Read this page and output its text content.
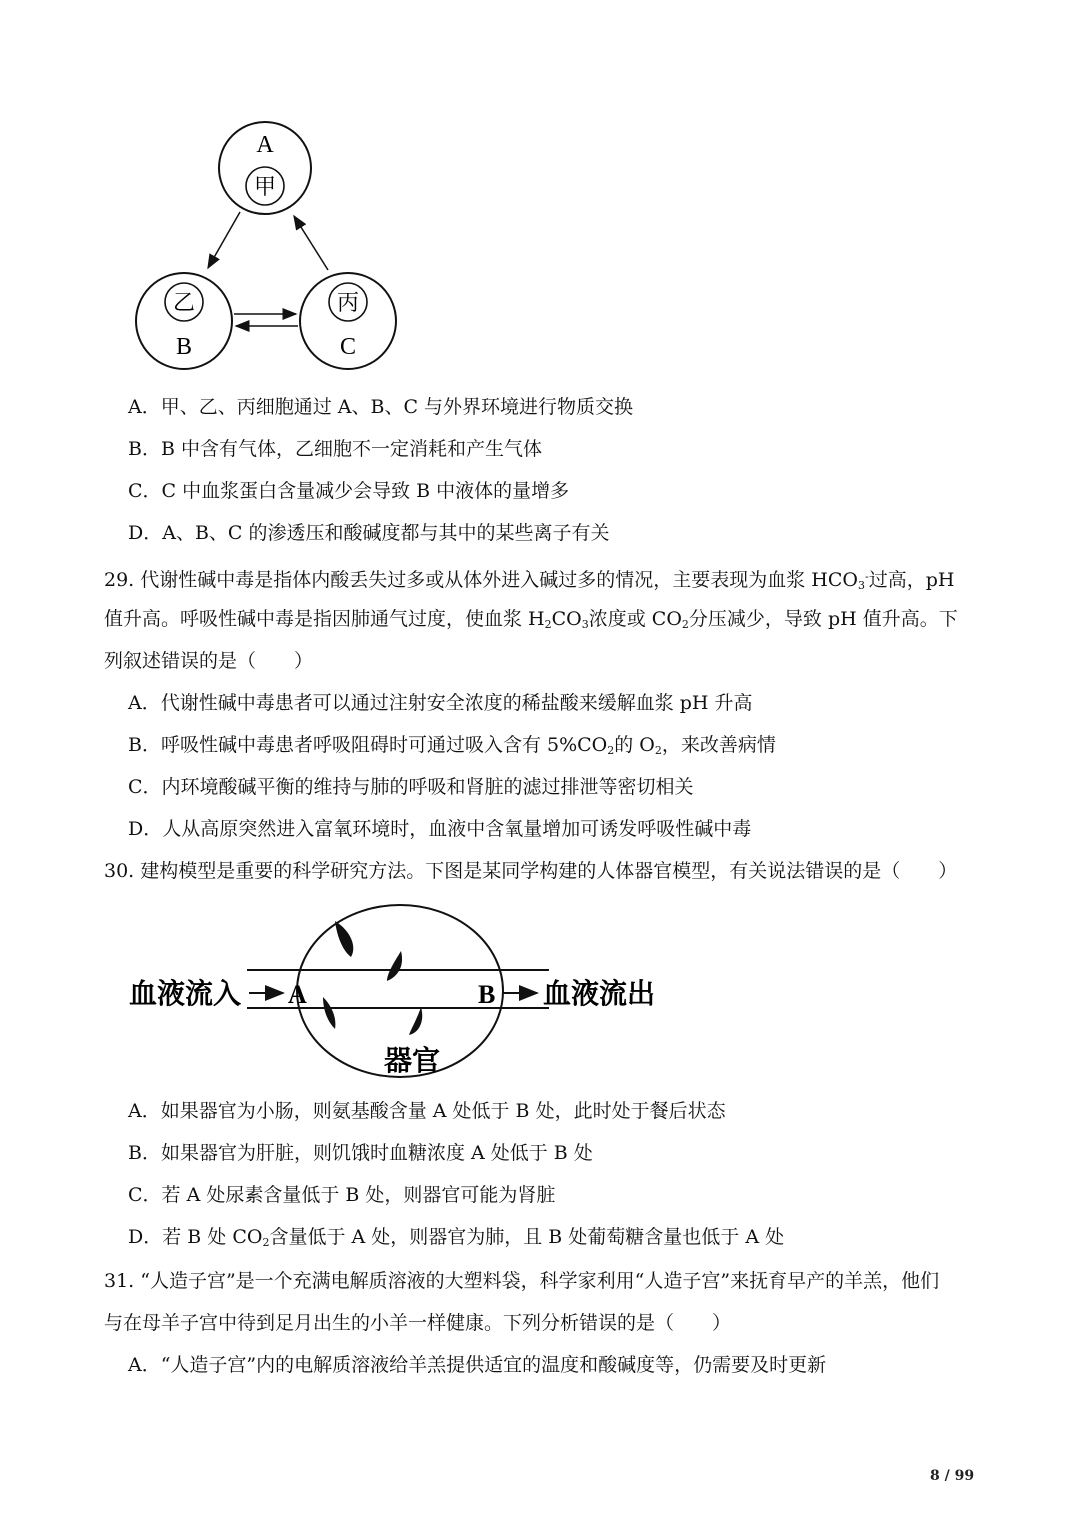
A
甲
乙
B
丙
C
A．甲、乙、丙细胞通过 A、B、C 与外界环境进行物质交换
B．B 中含有气体，乙细胞不一定消耗和产生气体
C．C 中血浆蛋白含量减少会导致 B 中液体的量增多
D．A、B、C 的渗透压和酸碱度都与其中的某些离子有关
29. 代谢性碱中毒是指体内酸丢失过多或从体外进入碱过多的情况，主要表现为血浆 $HCO_3^-$过高，pH
值升高。呼吸性碱中毒是指因肺通气过度，使血浆 $H_2CO_3$浓度或 $CO_2$分压减少，导致 pH 值升高。下
列叙述错误的是（　　）
A．代谢性碱中毒患者可以通过注射安全浓度的稀盐酸来缓解血浆 pH 升高
B．呼吸性碱中毒患者呼吸阻碍时可通过吸入含有 $5\%CO_2$的 $O_2$，来改善病情
C．内环境酸碱平衡的维持与肺的呼吸和肾脏的滤过排泄等密切相关
D．人从高原突然进入富氧环境时，血液中含氧量增加可诱发呼吸性碱中毒
30. 建构模型是重要的科学研究方法。下图是某同学构建的人体器官模型，有关说法错误的是（　　）
血液流入 A	B 血液流出
器官
A．如果器官为小肠，则氨基酸含量 A 处低于 B 处，此时处于餐后状态
B．如果器官为肝脏，则饥饿时血糖浓度 A 处低于 B 处
C．若 A 处尿素含量低于 B 处，则器官可能为肾脏
D．若 B 处 $CO_2$含量低于 A 处，则器官为肺，且 B 处葡萄糖含量也低于 A 处
31. “人造子宫”是一个充满电解质溶液的大塑料袋，科学家利用“人造子宫”来抚育早产的羊羔，他们
与在母羊子宫中待到足月出生的小羊一样健康。下列分析错误的是（　　）
A．“人造子宫”内的电解质溶液给羊羔提供适宜的温度和酸碱度等，仍需要及时更新
8 / 99
